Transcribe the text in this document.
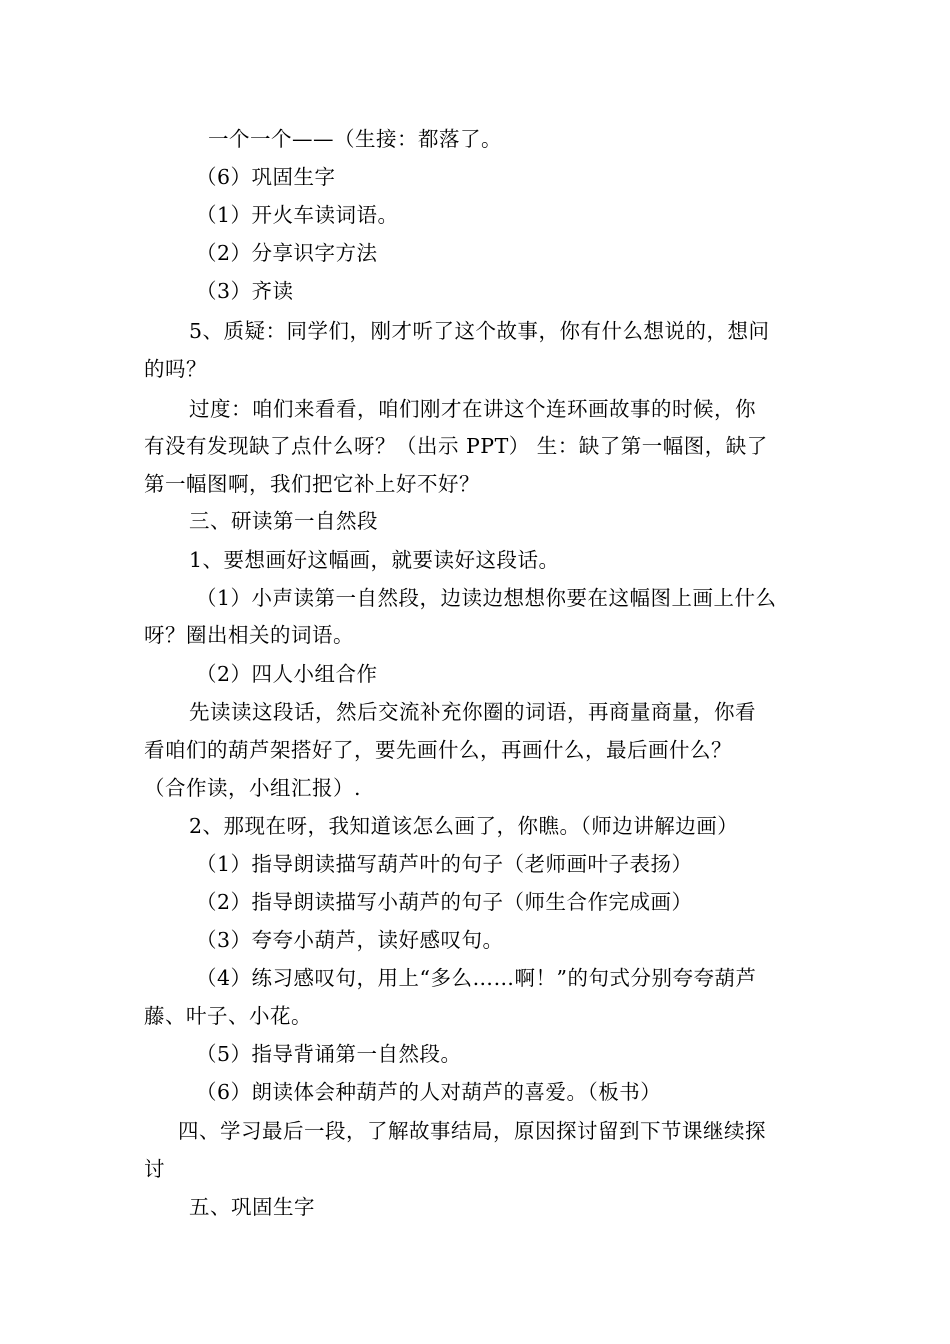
一个一个——（生接：都落了。
（6）巩固生字
（1）开火车读词语。
（2）分享识字方法
（3）齐读
5、质疑：同学们，刚才听了这个故事，你有什么想说的，想问
的吗？
过度：咱们来看看，咱们刚才在讲这个连环画故事的时候，你
有没有发现缺了点什么呀？（出示 PPT） 生：缺了第一幅图，缺了
第一幅图啊，我们把它补上好不好？
三、研读第一自然段
1、要想画好这幅画，就要读好这段话。
（1）小声读第一自然段，边读边想想你要在这幅图上画上什么
呀？圈出相关的词语。
（2）四人小组合作
先读读这段话，然后交流补充你圈的词语，再商量商量，你看
看咱们的葫芦架搭好了，要先画什么，再画什么，最后画什么？
（合作读，小组汇报）.
2、那现在呀，我知道该怎么画了，你瞧。（师边讲解边画）
（1）指导朗读描写葫芦叶的句子（老师画叶子表扬）
（2）指导朗读描写小葫芦的句子（师生合作完成画）
（3）夸夸小葫芦，读好感叹句。
（4）练习感叹句，用上“多么……啊！”的句式分别夸夸葫芦
藤、叶子、小花。
（5）指导背诵第一自然段。
（6）朗读体会种葫芦的人对葫芦的喜爱。（板书）
四、学习最后一段，了解故事结局，原因探讨留到下节课继续探
讨
五、巩固生字
